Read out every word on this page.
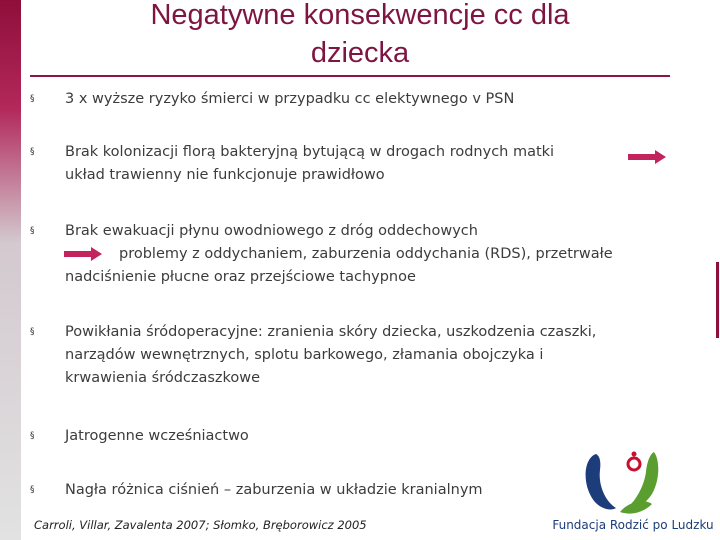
Negatywne konsekwencje cc dla
dziecka
§ 3 x wyższe ryzyko śmierci w przypadku cc elektywnego v PSN
§ Brak kolonizacji florą bakteryjną bytującą w drogach rodnych matki
układ trawienny nie funkcjonuje prawidłowo
§ Brak ewakuacji płynu owodniowego z dróg oddechowych
problemy z oddychaniem, zaburzenia oddychania (RDS), przetrwałe
nadciśnienie płucne oraz przejściowe tachypnoe
§ Powikłania śródoperacyjne: zranienia skóry dziecka, uszkodzenia czaszki,
narządów wewnętrznych, splotu barkowego, złamania obojczyka i
krwawienia śródczaszkowe
§ Jatrogenne wcześniactwo
§ Nagła różnica ciśnień – zaburzenia w układzie kranialnym
Carroli, Villar, Zavalenta 2007; Słomko, Bręborowicz 2005	Fundacja Rodzić po Ludzku
